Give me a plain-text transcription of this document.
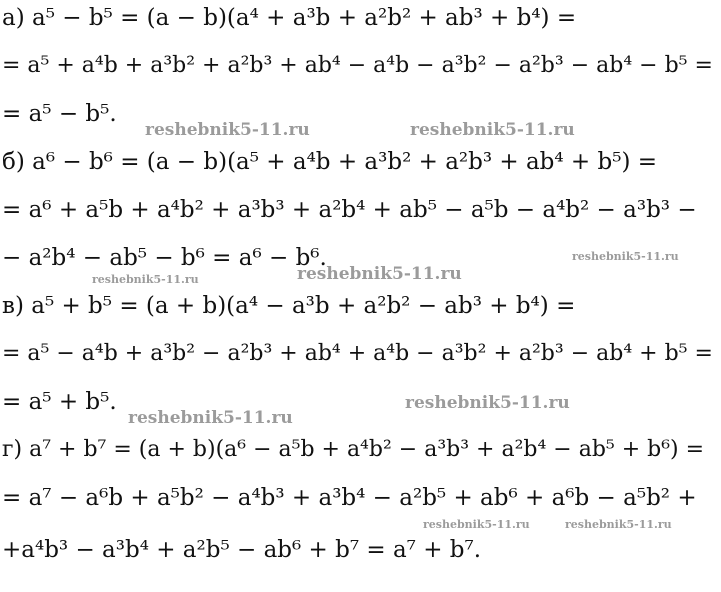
а) a⁵ − b⁵ = (a − b)(a⁴ + a³b + a²b² + ab³ + b⁴) =
= a⁵ + a⁴b + a³b² + a²b³ + ab⁴ − a⁴b − a³b² − a²b³ − ab⁴ − b⁵ =
= a⁵ − b⁵.
б) a⁶ − b⁶ = (a − b)(a⁵ + a⁴b + a³b² + a²b³ + ab⁴ + b⁵) =
= a⁶ + a⁵b + a⁴b² + a³b³ + a²b⁴ + ab⁵ − a⁵b − a⁴b² − a³b³ −
− a²b⁴ − ab⁵ − b⁶ = a⁶ − b⁶.
в) a⁵ + b⁵ = (a + b)(a⁴ − a³b + a²b² − ab³ + b⁴) =
= a⁵ − a⁴b + a³b² − a²b³ + ab⁴ + a⁴b − a³b² + a²b³ − ab⁴ + b⁵ =
= a⁵ + b⁵.
г) a⁷ + b⁷ = (a + b)(a⁶ − a⁵b + a⁴b² − a³b³ + a²b⁴ − ab⁵ + b⁶) =
= a⁷ − a⁶b + a⁵b² − a⁴b³ + a³b⁴ − a²b⁵ + ab⁶ + a⁶b − a⁵b² +
+a⁴b³ − a³b⁴ + a²b⁵ − ab⁶ + b⁷ = a⁷ + b⁷.
reshebnik5-11.ru	reshebnik5-11.ru
reshebnik5-11.ru
reshebnik5-11.ru	reshebnik5-11.ru
reshebnik5-11.ru
reshebnik5-11.ru
reshebnik5-11.ru	reshebnik5-11.ru
